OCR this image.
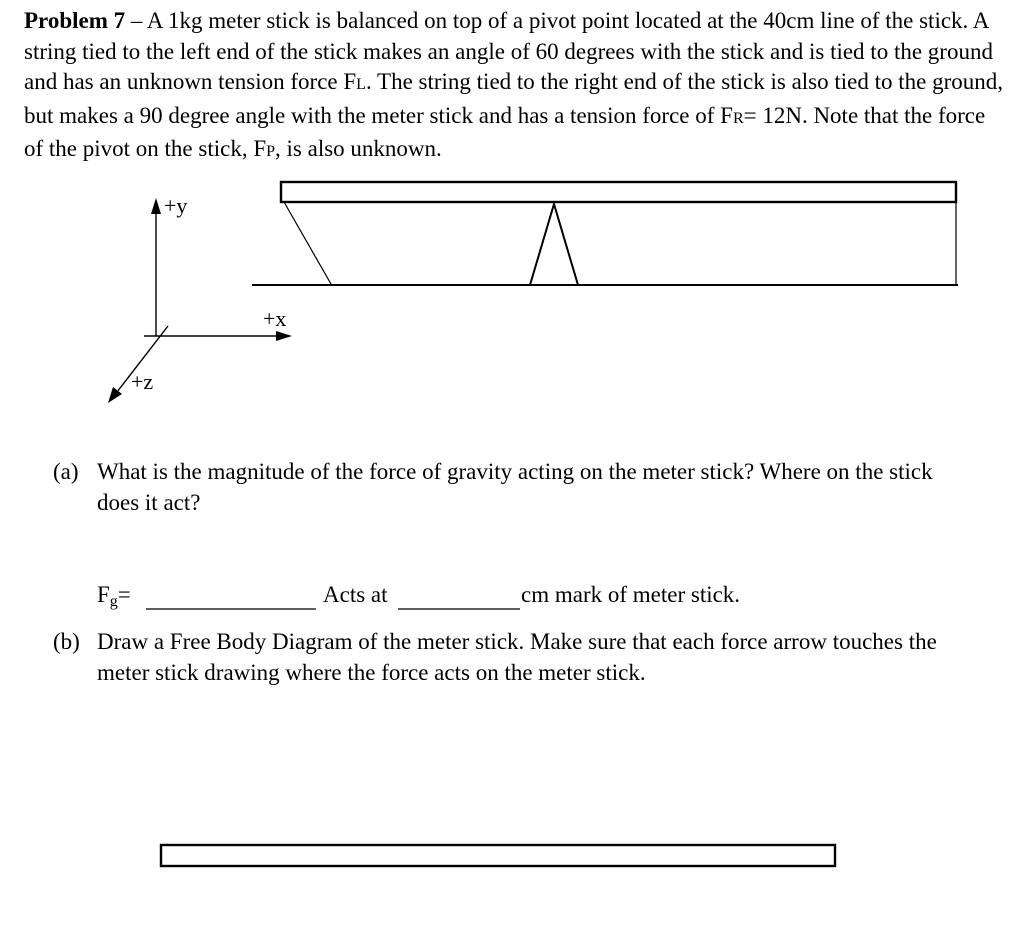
Problem 7 – A 1kg meter stick is balanced on top of a pivot point located at the 40cm line of the stick. A string tied to the left end of the stick makes an angle of 60 degrees with the stick and is tied to the ground and has an unknown tension force FL. The string tied to the right end of the stick is also tied to the ground, but makes a 90 degree angle with the meter stick and has a tension force of FR= 12N. Note that the force of the pivot on the stick, FP, is also unknown.
+y
+x
+z
(a) What is the magnitude of the force of gravity acting on the meter stick? Where on the stick does it act?
Fg=	Acts at	cm mark of meter stick.
(b) Draw a Free Body Diagram of the meter stick. Make sure that each force arrow touches the meter stick drawing where the force acts on the meter stick.
